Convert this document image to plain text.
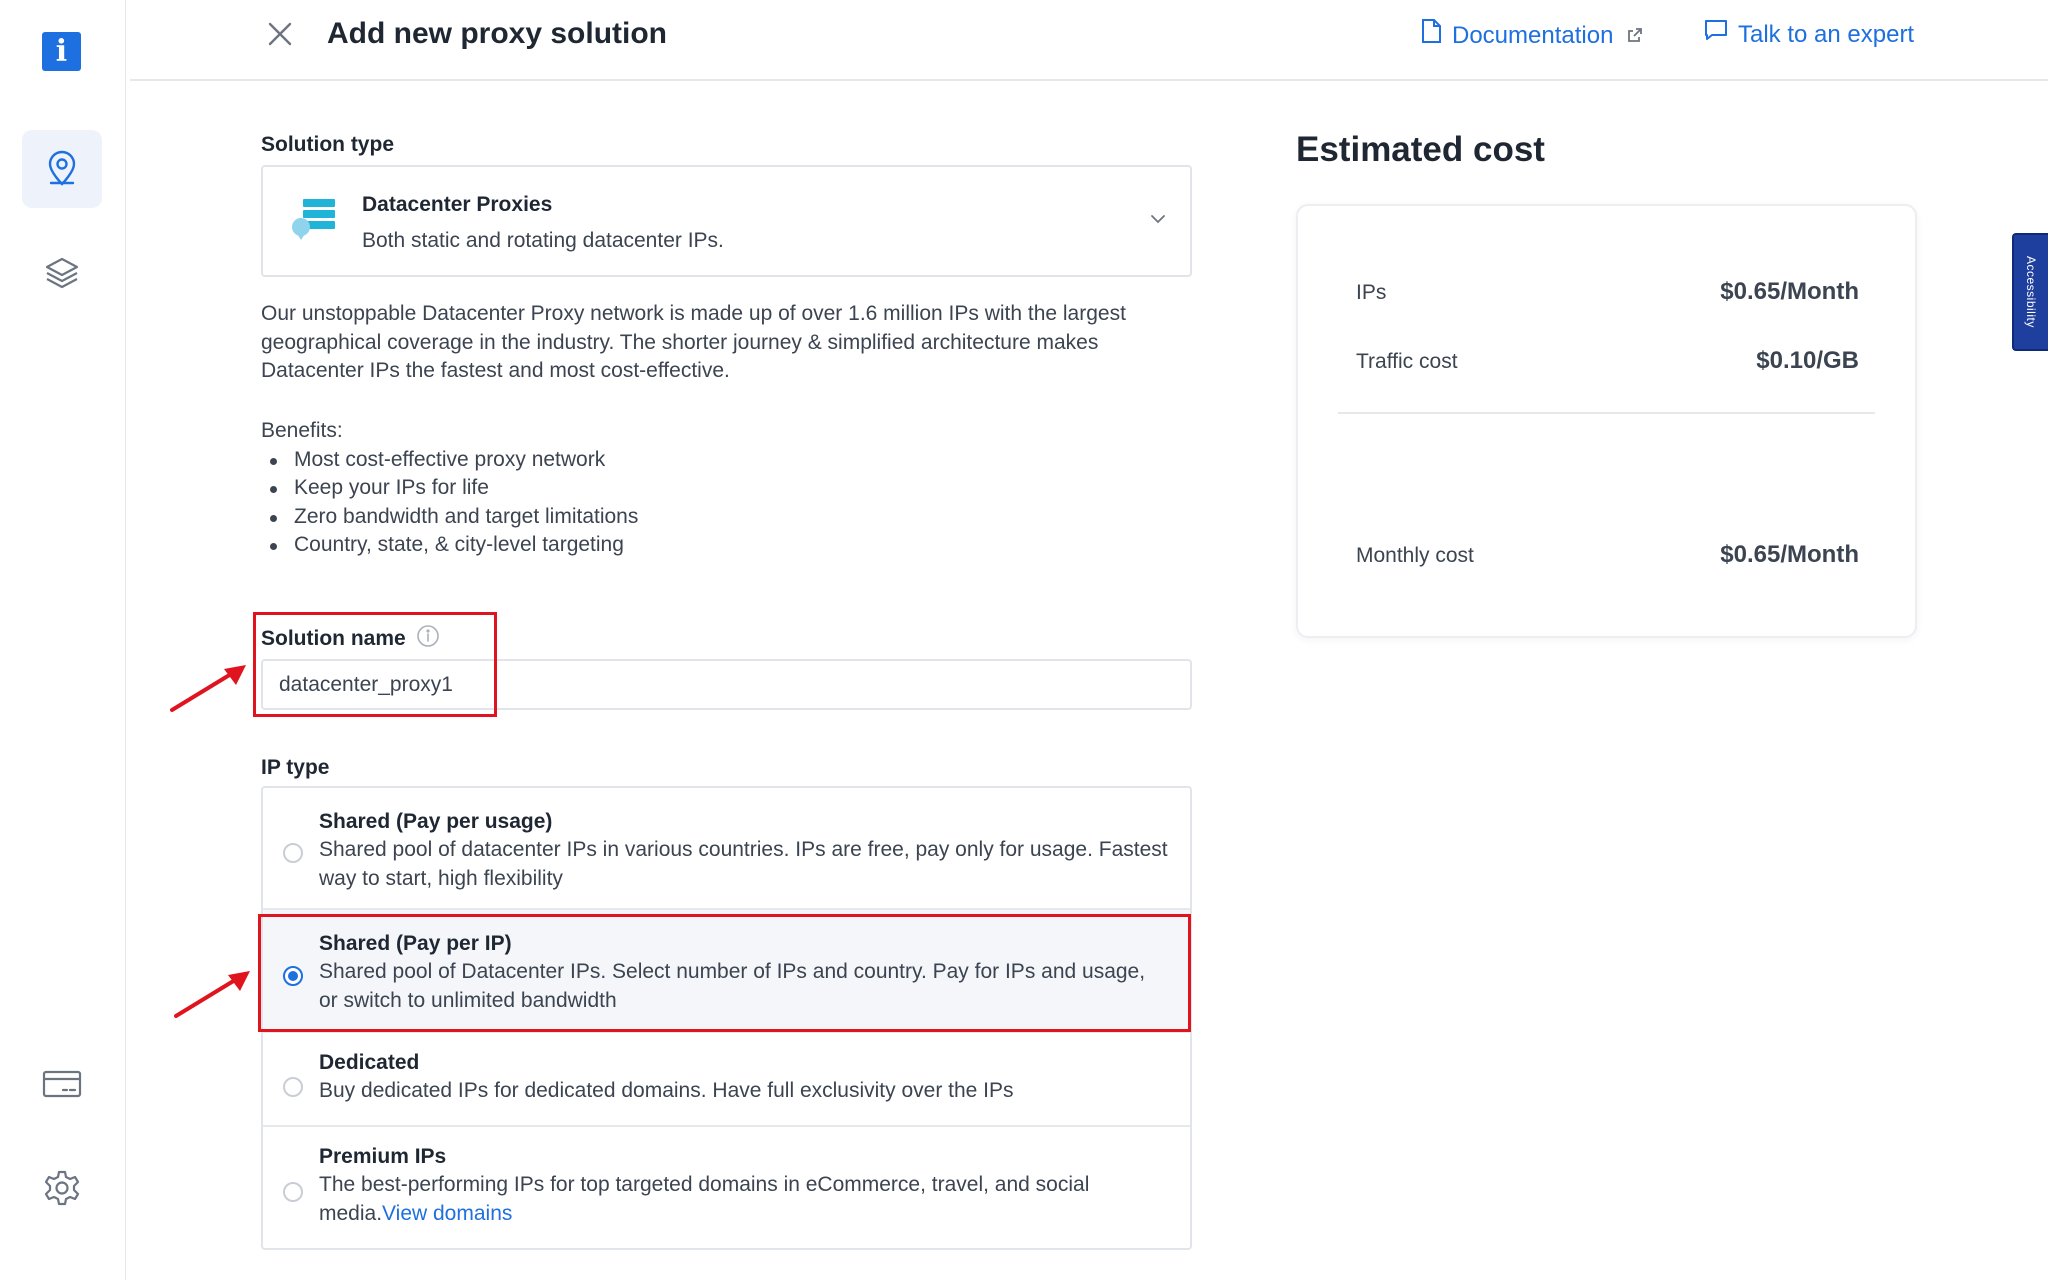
i
Add new proxy solution	Documentation	Talk to an expert
Solution type
Datacenter Proxies
Both static and rotating datacenter IPs.
Our unstoppable Datacenter Proxy network is made up of over 1.6 million IPs with the largest geographical coverage in the industry. The shorter journey & simplified architecture makes Datacenter IPs the fastest and most cost-effective.
Benefits:
Most cost-effective proxy network
Keep your IPs for life
Zero bandwidth and target limitations
Country, state, & city-level targeting
Solution name
datacenter_proxy1
IP type
Shared (Pay per usage)
Shared pool of datacenter IPs in various countries. IPs are free, pay only for usage. Fastest way to start, high flexibility
Shared (Pay per IP)
Shared pool of Datacenter IPs. Select number of IPs and country. Pay for IPs and usage, or switch to unlimited bandwidth
Dedicated
Buy dedicated IPs for dedicated domains. Have full exclusivity over the IPs
Premium IPs
The best-performing IPs for top targeted domains in eCommerce, travel, and social media.View domains
Estimated cost
IPs	$0.65/Month
Traffic cost	$0.10/GB
Monthly cost	$0.65/Month
Accessibility
